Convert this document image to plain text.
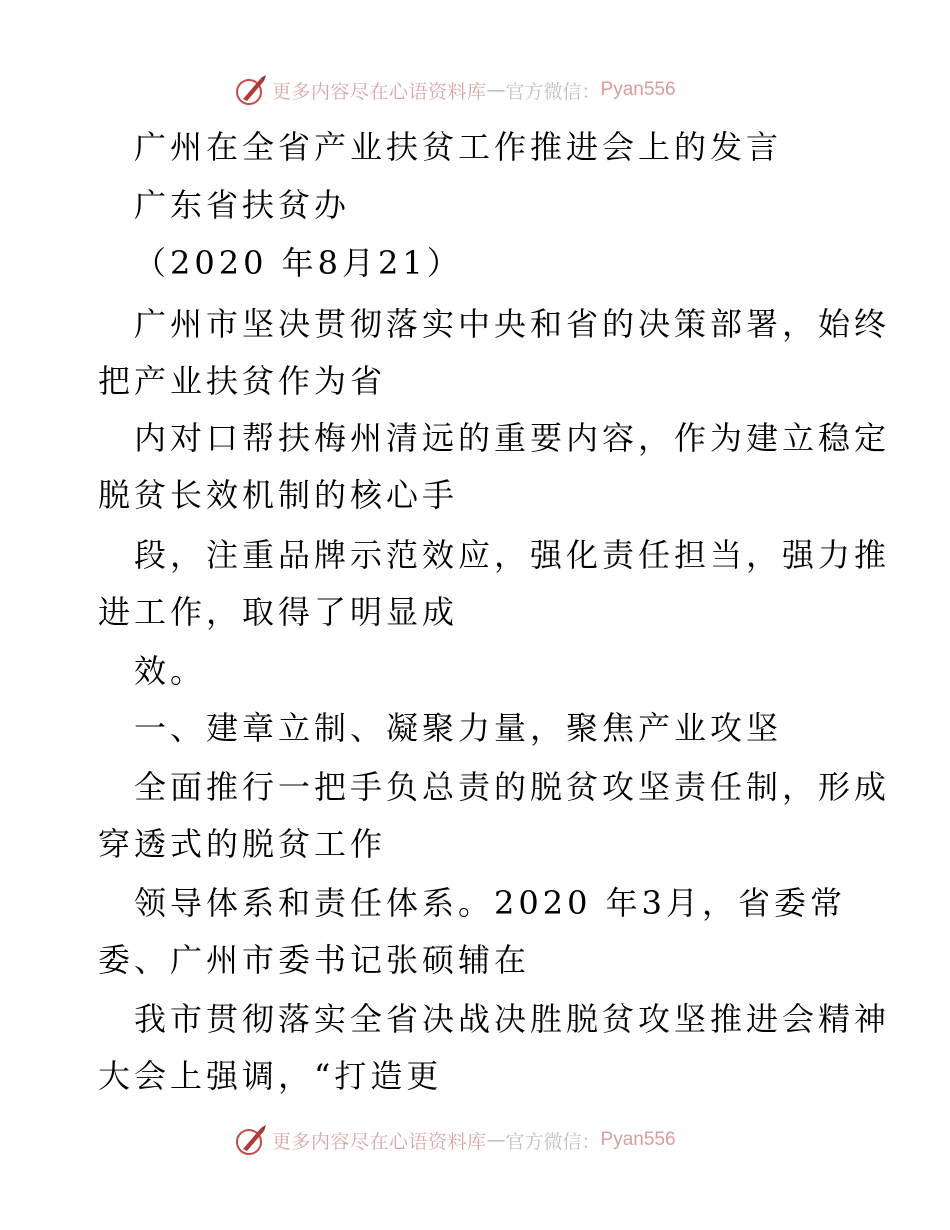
更多内容尽在心语资料库 — 官方微信： Pyan556
广州在全省产业扶贫工作推进会上的发言
广东省扶贫办
（2020 年8月21）
广州市坚决贯彻落实中央和省的决策部署，始终
把产业扶贫作为省
内对口帮扶梅州清远的重要内容，作为建立稳定
脱贫长效机制的核心手
段，注重品牌示范效应，强化责任担当，强力推
进工作，取得了明显成
效。
一、建章立制、凝聚力量，聚焦产业攻坚
全面推行一把手负总责的脱贫攻坚责任制，形成
穿透式的脱贫工作
领导体系和责任体系。2020 年3月，省委常
委、广州市委书记张硕辅在
我市贯彻落实全省决战决胜脱贫攻坚推进会精神
大会上强调，“打造更
更多内容尽在心语资料库 — 官方微信： Pyan556
